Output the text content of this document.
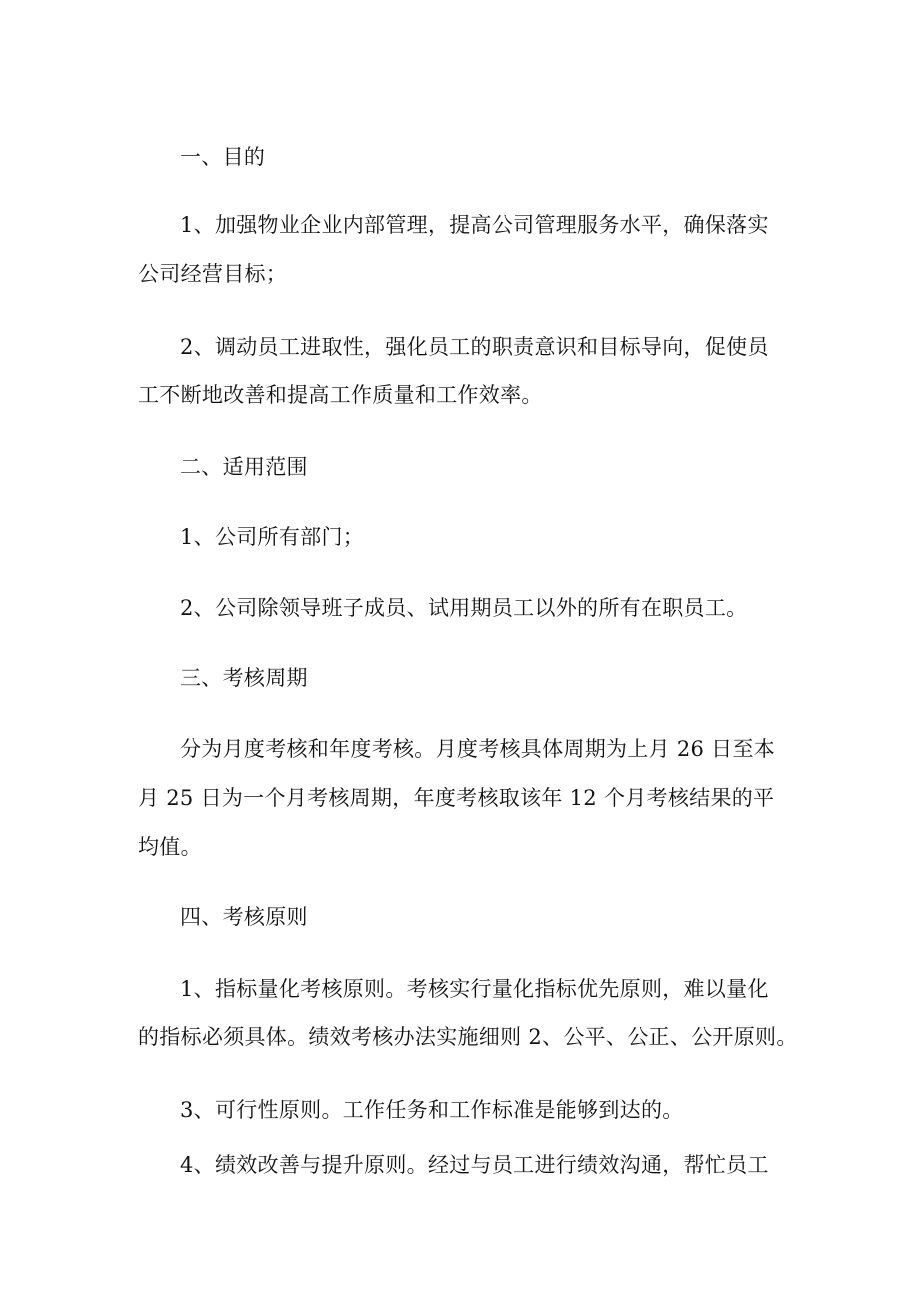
一、目的
1、加强物业企业内部管理，提高公司管理服务水平，确保落实
公司经营目标；
2、调动员工进取性，强化员工的职责意识和目标导向，促使员
工不断地改善和提高工作质量和工作效率。
二、适用范围
1、公司所有部门；
2、公司除领导班子成员、试用期员工以外的所有在职员工。
三、考核周期
分为月度考核和年度考核。月度考核具体周期为上月 26 日至本
月 25 日为一个月考核周期，年度考核取该年 12 个月考核结果的平
均值。
四、考核原则
1、指标量化考核原则。考核实行量化指标优先原则，难以量化
的指标必须具体。绩效考核办法实施细则 2、公平、公正、公开原则。
3、可行性原则。工作任务和工作标准是能够到达的。
4、绩效改善与提升原则。经过与员工进行绩效沟通，帮忙员工
